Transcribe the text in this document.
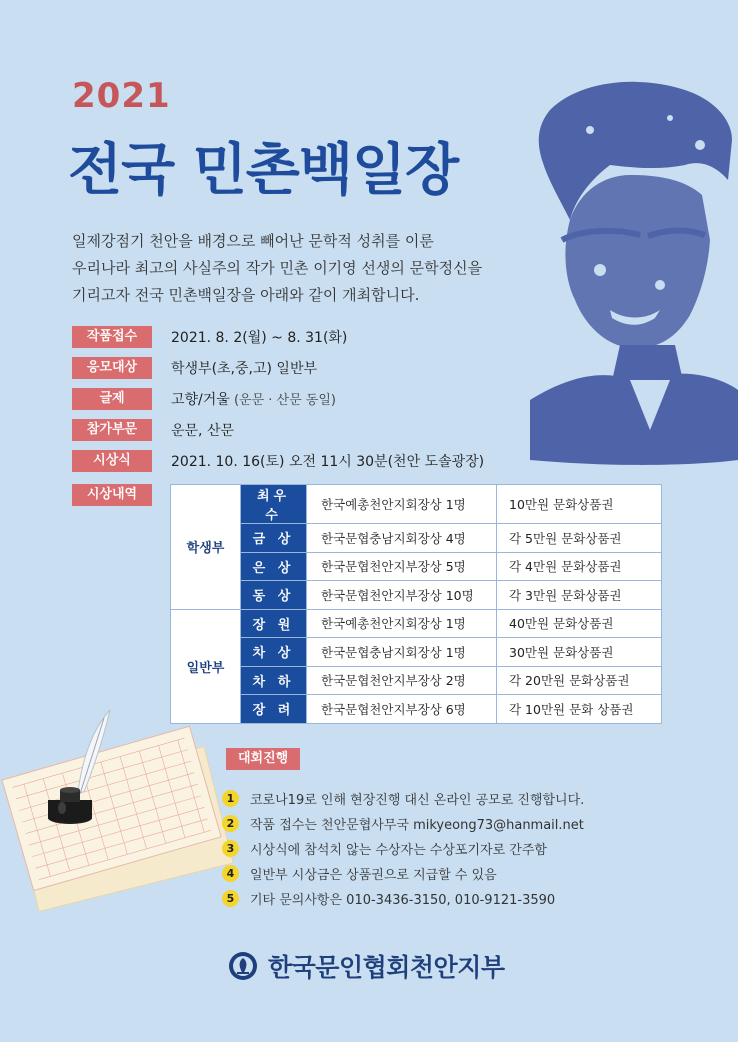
2021
전국 민촌백일장

일제강점기 천안을 배경으로 빼어난 문학적 성취를 이룬

우리나라 최고의 사실주의 작가 민촌 이기영 선생의 문학정신을

기리고자 전국 민촌백일장을 아래와 같이 개최합니다.

작품접수	2021. 8. 2(월) ~ 8. 31(화)
응모대상	학생부(초,중,고) 일반부
글제	고향/거울 (운문 · 산문 동일)
참가부문	운문, 산문
시상식	2021. 10. 16(토) 오전 11시 30분(천안 도솔광장)
시상내역
학생부	최우수	한국예총천안지회장상 1명	10만원 문화상품권
	금 상	한국문협충남지회장상 4명	각 5만원 문화상품권
	은 상	한국문협천안지부장상 5명	각 4만원 문화상품권
	동 상	한국문협천안지부장상 10명	각 3만원 문화상품권
일반부	장 원	한국예총천안지회장상 1명	40만원 문화상품권
	차 상	한국문협충남지회장상 1명	30만원 문화상품권
	차 하	한국문협천안지부장상 2명	각 20만원 문화상품권
	장 려	한국문협천안지부장상 6명	각 10만원 문화 상품권
대회진행
1	코로나19로 인해 현장진행 대신 온라인 공모로 진행합니다.
2	작품 접수는 천안문협사무국 mikyeong73@hanmail.net
3	시상식에 참석치 않는 수상자는 수상포기자로 간주함
4	일반부 시상금은 상품권으로 지급할 수 있음
5	기타 문의사항은 010-3436-3150, 010-9121-3590
한국문인협회천안지부
